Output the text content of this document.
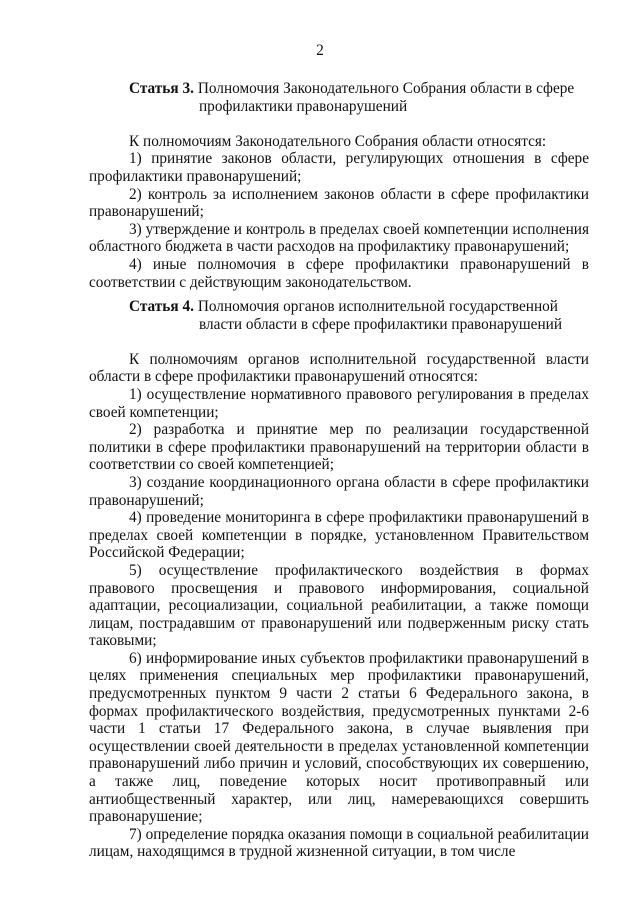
2
Статья 3. Полномочия Законодательного Собрания области в сфере
профилактики правонарушений
К полномочиям Законодательного Собрания области относятся:
1) принятие законов области, регулирующих отношения в сфере профилактики правонарушений;
2) контроль за исполнением законов области в сфере профилактики правонарушений;
3) утверждение и контроль в пределах своей компетенции исполнения областного бюджета в части расходов на профилактику правонарушений;
4) иные полномочия в сфере профилактики правонарушений в соответствии с действующим законодательством.
Статья 4. Полномочия органов исполнительной государственной
власти области в сфере профилактики правонарушений
К полномочиям органов исполнительной государственной власти области в сфере профилактики правонарушений относятся:
1) осуществление нормативного правового регулирования в пределах своей компетенции;
2) разработка и принятие мер по реализации государственной политики в сфере профилактики правонарушений на территории области в соответствии со своей компетенцией;
3) создание координационного органа области в сфере профилактики правонарушений;
4) проведение мониторинга в сфере профилактики правонарушений в пределах своей компетенции в порядке, установленном Правительством Российской Федерации;
5) осуществление профилактического воздействия в формах правового просвещения и правового информирования, социальной адаптации, ресоциализации, социальной реабилитации, а также помощи лицам, пострадавшим от правонарушений или подверженным риску стать таковыми;
6) информирование иных субъектов профилактики правонарушений в целях применения специальных мер профилактики правонарушений, предусмотренных пунктом 9 части 2 статьи 6 Федерального закона, в формах профилактического воздействия, предусмотренных пунктами 2-6 части 1 статьи 17 Федерального закона, в случае выявления при осуществлении своей деятельности в пределах установленной компетенции правонарушений либо причин и условий, способствующих их совершению, а также лиц, поведение которых носит противоправный или антиобщественный характер, или лиц, намеревающихся совершить правонарушение;
7) определение порядка оказания помощи в социальной реабилитации лицам, находящимся в трудной жизненной ситуации, в том числе
